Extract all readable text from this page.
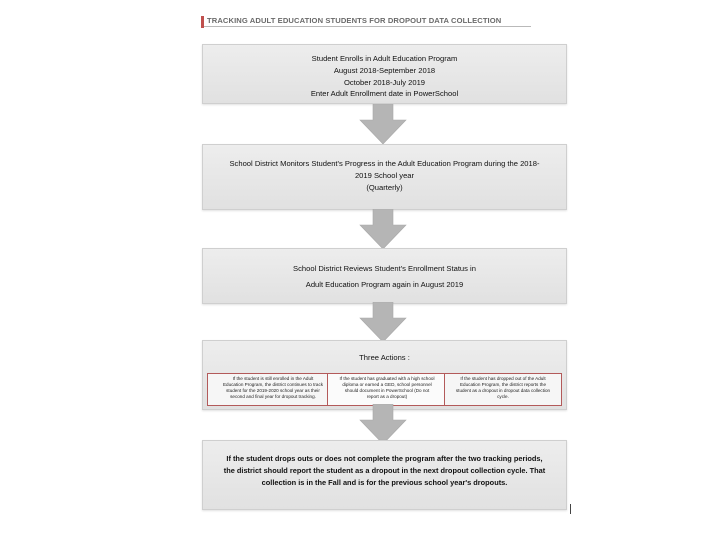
TRACKING ADULT EDUCATION STUDENTS FOR DROPOUT DATA COLLECTION
Student Enrolls in Adult Education Program
August 2018-September 2018
October 2018-July 2019
Enter Adult Enrollment date in PowerSchool
School District Monitors Student's Progress in the Adult Education Program during the 2018-
2019 School year
(Quarterly)
School District Reviews Student's Enrollment Status in
Adult Education Program again in August 2019
Three Actions :
If the student is still enrolled in the Adult
Education Program, the district continues to track
student for the 2019-2020 school year as their
second and final year for dropout tracking.
If the student has graduated with a high school
diploma or earned a GED, school personnel
should document in PowerSchool (Do not
report as a dropout)
If the student has dropped out of the Adult
Education Program, the district reports the
student as a dropout in dropout data collection
cycle.
If the student drops outs or does not complete the program after the two tracking periods,
the district should report the student as a dropout in the next dropout collection cycle. That
collection is in the Fall and is for the previous school year's dropouts.
